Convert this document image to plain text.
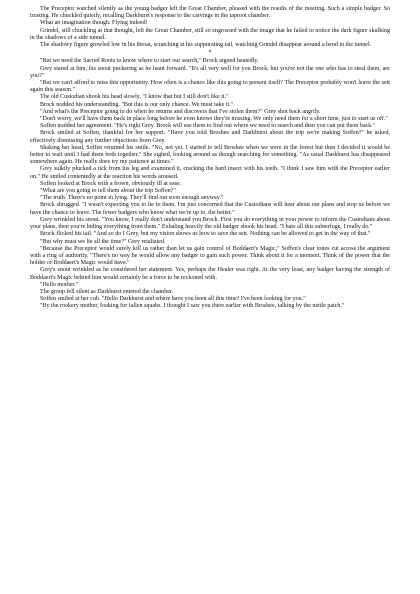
The Preceptor watched silently as the young badger left the Great Chamber, pleased with the results of the meeting. Such a simple badger. So trusting. He chuckled quietly, recalling Darkburst's response to the carvings in the taproot chamber.

What an imagination though. Flying indeed!

Grindel, still chuckling at that thought, left the Great Chamber, still so engrossed with the image that he failed to notice the dark figure skulking in the shadows of a side tunnel.

The shadowy figure growled low in his throat, scratching at his suppurating tail, watching Grindel disappear around a bend in the tunnel.

*

"But we need the Sacred Roots to know where to start our search," Brock argued heatedly.

Grey stared at him, his snout puckering as he leant forward. "It's all very well for you Brock, but you're not the one who has to steal them, are you?"

"But we can't afford to miss this opportunity. How often is a chance like this going to present itself? The Preceptor probably won't leave the sett again this season."

The old Custodian shook his head slowly. "I know that but I still don't like it."

Brock nodded his understanding. "But this is our only chance. We must take it."

"And what's the Preceptor going to do when he returns and discovers that I've stolen them?" Grey shot back angrily.

"Don't worry, we'll have them back in place long before he even knows they're missing. We only need them for a short time, just to start us off."

Soffen nodded her agreement. "He's right Grey. Brock will use them to find out where we need to search and then you can put them back."

Brock smiled at Soffen, thankful for her support. "Have you told Broshee and Darkburst about the trip we're making Soffen?" he asked, effectively dismissing any further objections from Grey.

Shaking her head, Soffen returned his smile. "No, not yet. I started to tell Broshee when we were in the forest but then I decided it would be better to wait until I had them both together." She sighed, looking around as though searching for something. "As usual Darkburst has disappeared somewhere again. He really does try my patience at times."

Grey sulkily plucked a tick from his leg and examined it, cracking the hard insect with his teeth. "I think I saw him with the Preceptor earlier on." He smiled contentedly at the reaction his words aroused.

Soffen looked at Brock with a frown, obviously ill at ease.

"What are you going to tell them about the trip Soffen?"

"The truth. There's no point in lying. They'll find out soon enough anyway."

Brock shrugged. "I wasn't expecting you to lie to them. I'm just concerned that the Custodians will hear about our plans and stop us before we have the chance to leave. The fewer badgers who know what we're up to, the better."

Grey wrinkled his snout. "You know, I really don't understand you Brock. First you do everything in your power to inform the Custodians about your plans, then you're hiding everything from them." Exhaling heavily the old badger shook his head. "I hate all this subterfuge, I really do."

Brock flicked his tail. "And so do I Grey, but my vision shows us how to save the sett. Nothing can be allowed to get in the way of that."

"But why must we lie all the time?" Grey retaliated.

"Because the Preceptor would surely kill us rather than let us gain control of Boddaert's Magic," Soffen's clear tones cut across the argument with a ring of authority. "There's no way he would allow any badger to gain such power. Think about it for a moment. Think of the power that the holder of Boddaert's Magic would have."

Grey's snout wrinkled as he considered her statement. Yes, perhaps the Healer was right. At the very least, any badger having the strength of Boddaert's Magic behind him would certainly be a force to be reckoned with.

"Hello mother."

The group fell silent as Darkburst entered the chamber.

Soffen smiled at her cub. "Hello Darkburst and where have you been all this time? I've been looking for you."

"By the rookery mother, looking for fallen squabs. I thought I saw you there earlier with Broshee, talking by the nettle patch."
